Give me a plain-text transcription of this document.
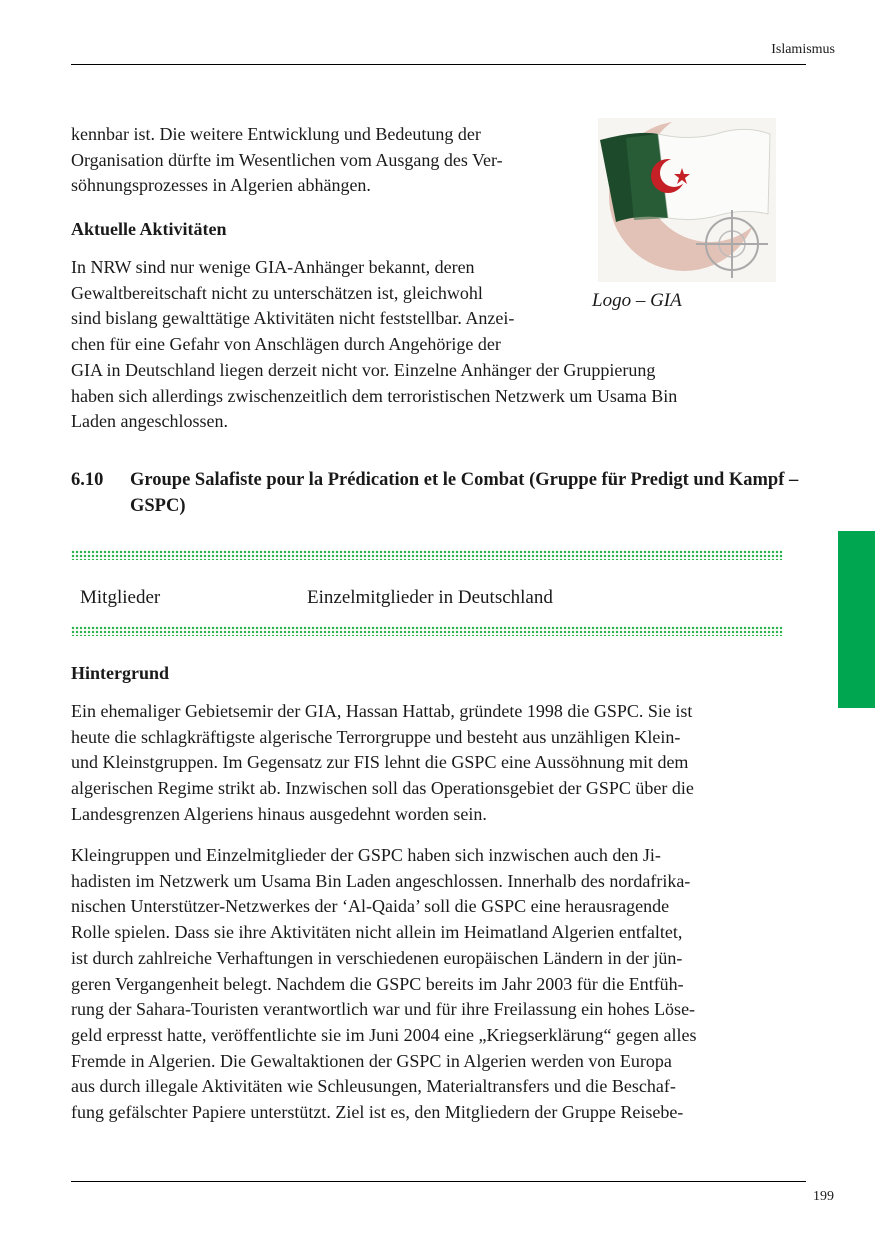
Islamismus

kennbar ist. Die weitere Entwicklung und Bedeutung der

Organisation dürfte im Wesentlichen vom Ausgang des Ver-

söhnungsprozesses in Algerien abhängen.

Aktuelle Aktivitäten

In NRW sind nur wenige GIA-Anhänger bekannt, deren

Gewaltbereitschaft nicht zu unterschätzen ist, gleichwohl

sind bislang gewalttätige Aktivitäten nicht feststellbar. Anzei-

chen für eine Gefahr von Anschlägen durch Angehörige der

GIA in Deutschland liegen derzeit nicht vor. Einzelne Anhänger der Gruppierung

haben sich allerdings zwischenzeitlich dem terroristischen Netzwerk um Usama Bin

Laden angeschlossen.

Logo – GIA
6.10 Groupe Salafiste pour la Prédication et le Combat (Gruppe für Predigt und Kampf – GSPC)
Mitglieder	Einzelmitglieder in Deutschland
Hintergrund

Ein ehemaliger Gebietsemir der GIA, Hassan Hattab, gründete 1998 die GSPC. Sie ist

heute die schlagkräftigste algerische Terrorgruppe und besteht aus unzähligen Klein-

und Kleinstgruppen. Im Gegensatz zur FIS lehnt die GSPC eine Aussöhnung mit dem

algerischen Regime strikt ab. Inzwischen soll das Operationsgebiet der GSPC über die

Landesgrenzen Algeriens hinaus ausgedehnt worden sein.

Kleingruppen und Einzelmitglieder der GSPC haben sich inzwischen auch den Ji-

hadisten im Netzwerk um Usama Bin Laden angeschlossen. Innerhalb des nordafrika-

nischen Unterstützer-Netzwerkes der ‘Al-Qaida’ soll die GSPC eine herausragende

Rolle spielen. Dass sie ihre Aktivitäten nicht allein im Heimatland Algerien entfaltet,

ist durch zahlreiche Verhaftungen in verschiedenen europäischen Ländern in der jün-

geren Vergangenheit belegt. Nachdem die GSPC bereits im Jahr 2003 für die Entfüh-

rung der Sahara-Touristen verantwortlich war und für ihre Freilassung ein hohes Löse-

geld erpresst hatte, veröffentlichte sie im Juni 2004 eine „Kriegserklärung“ gegen alles

Fremde in Algerien. Die Gewaltaktionen der GSPC in Algerien werden von Europa

aus durch illegale Aktivitäten wie Schleusungen, Materialtransfers und die Beschaf-

fung gefälschter Papiere unterstützt. Ziel ist es, den Mitgliedern der Gruppe Reisebe-

199
